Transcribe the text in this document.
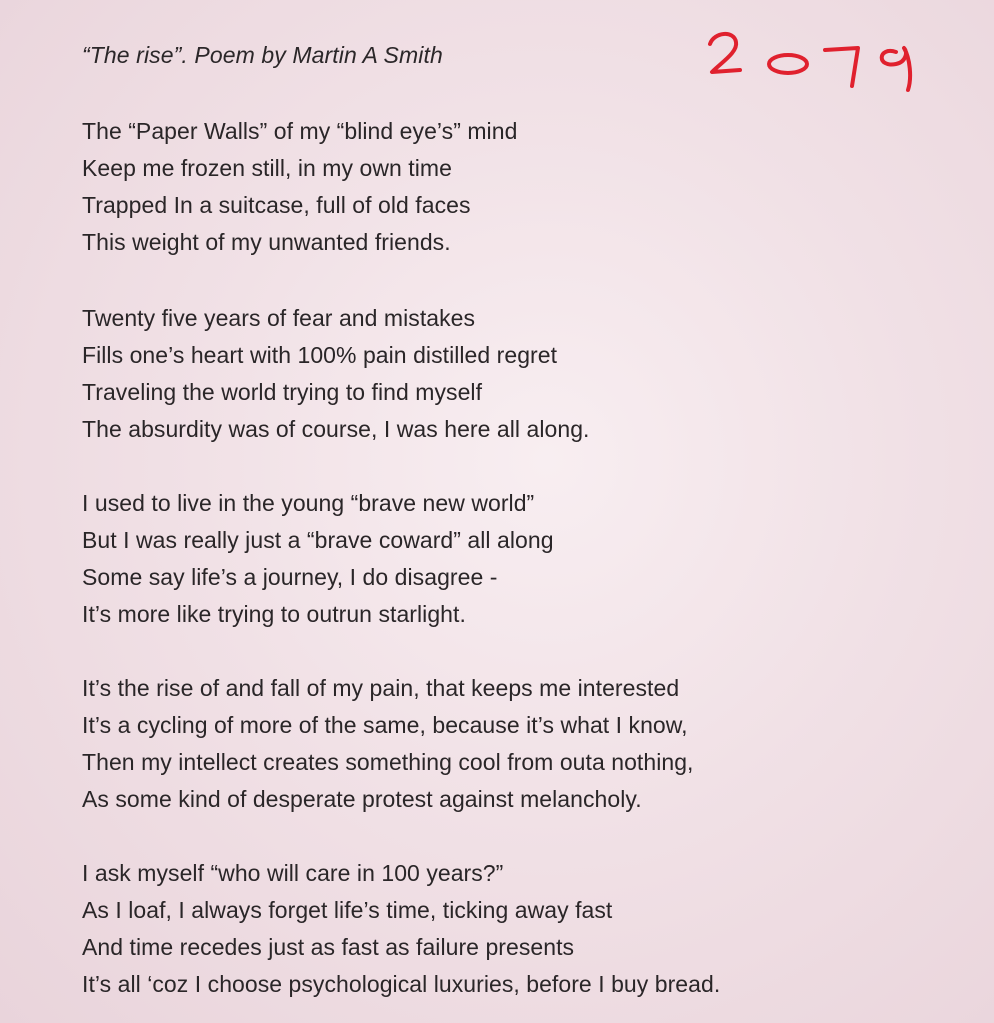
“The rise”. Poem by Martin A Smith
The “Paper Walls” of my “blind eye’s” mind
Keep me frozen still, in my own time
Trapped In a suitcase, full of old faces
This weight of my unwanted friends.
Twenty five years of fear and mistakes
Fills one’s heart with 100% pain distilled regret
Traveling the world trying to find myself
The absurdity was of course, I was here all along.
I used to live in the young “brave new world”
But I was really just a “brave coward” all along
Some say life’s a journey, I do disagree -
It’s more like trying to outrun starlight.
It’s the rise of and fall of my pain, that keeps me interested
It’s a cycling of more of the same, because it’s what I know,
Then my intellect creates something cool from outa nothing,
As some kind of desperate protest against melancholy.
I ask myself “who will care in 100 years?”
As I loaf, I always forget life’s time, ticking away fast
And time recedes just as fast as failure presents
It’s all ‘coz I choose psychological luxuries, before I buy bread.
